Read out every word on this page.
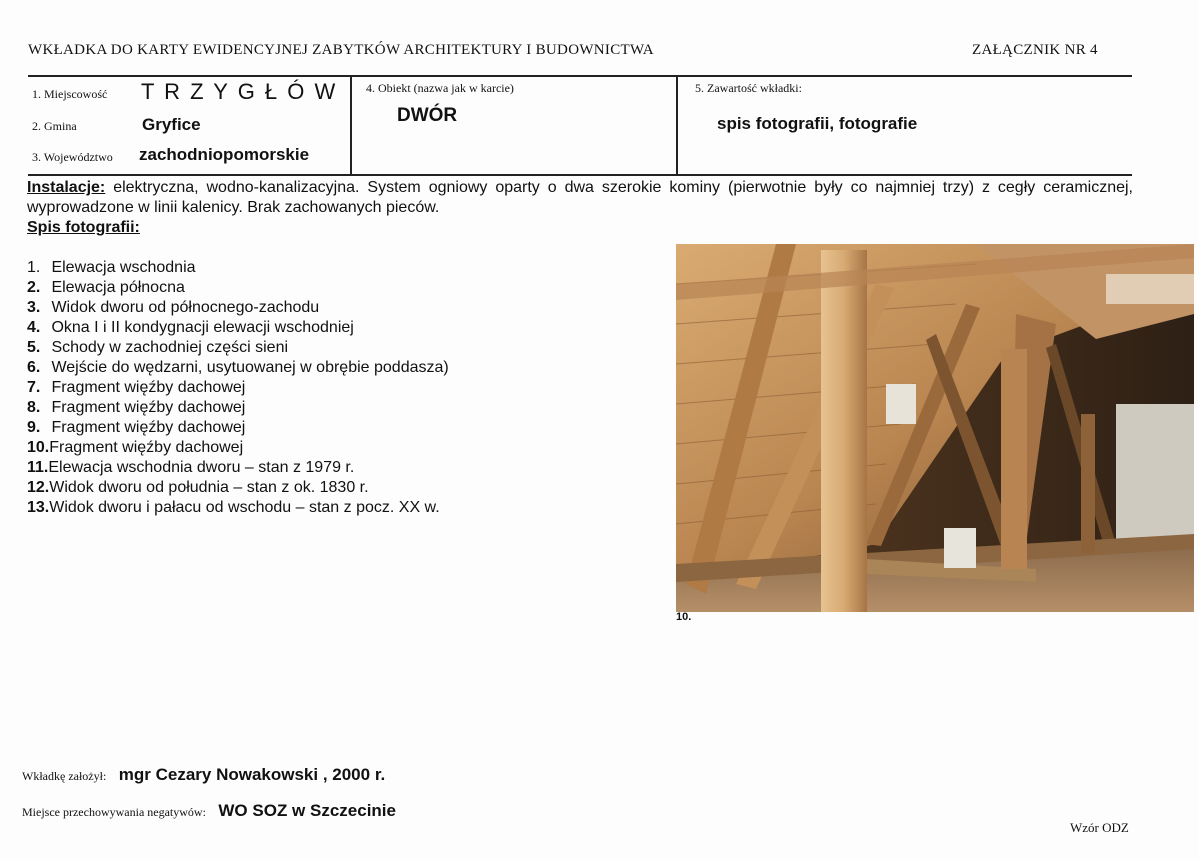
WKŁADKA DO KARTY EWIDENCYJNEJ ZABYTKÓW ARCHITEKTURY I BUDOWNICTWA	ZAŁĄCZNIK NR 4
1. Miejscowość T R Z Y G Ł Ó W
2. Gmina	Gryfice
3. Województwo zachodniopomorskie
4. Obiekt (nazwa jak w karcie)
DWÓR
5. Zawartość wkładki:
spis fotografii, fotografie
Instalacje: elektryczna, wodno-kanalizacyjna. System ogniowy oparty o dwa szerokie kominy (pierwotnie były co najmniej trzy) z cegły ceramicznej, wyprowadzone w linii kalenicy. Brak zachowanych pieców.
Spis fotografii:
1. Elewacja wschodnia
2. Elewacja północna
3. Widok dworu od północnego-zachodu
4. Okna I i II kondygnacji elewacji wschodniej
5. Schody w zachodniej części sieni
6. Wejście do wędzarni, usytuowanej w obrębie poddasza)
7. Fragment więźby dachowej
8. Fragment więźby dachowej
9. Fragment więźby dachowej
10.Fragment więźby dachowej
11.Elewacja wschodnia dworu – stan z 1979 r.
12.Widok dworu od południa – stan z ok. 1830 r.
13.Widok dworu i pałacu od wschodu – stan z pocz. XX w.
10.
Wkładkę założył: mgr Cezary Nowakowski , 2000 r.
Miejsce przechowywania negatywów: WO SOZ w Szczecinie
Wzór ODZ
